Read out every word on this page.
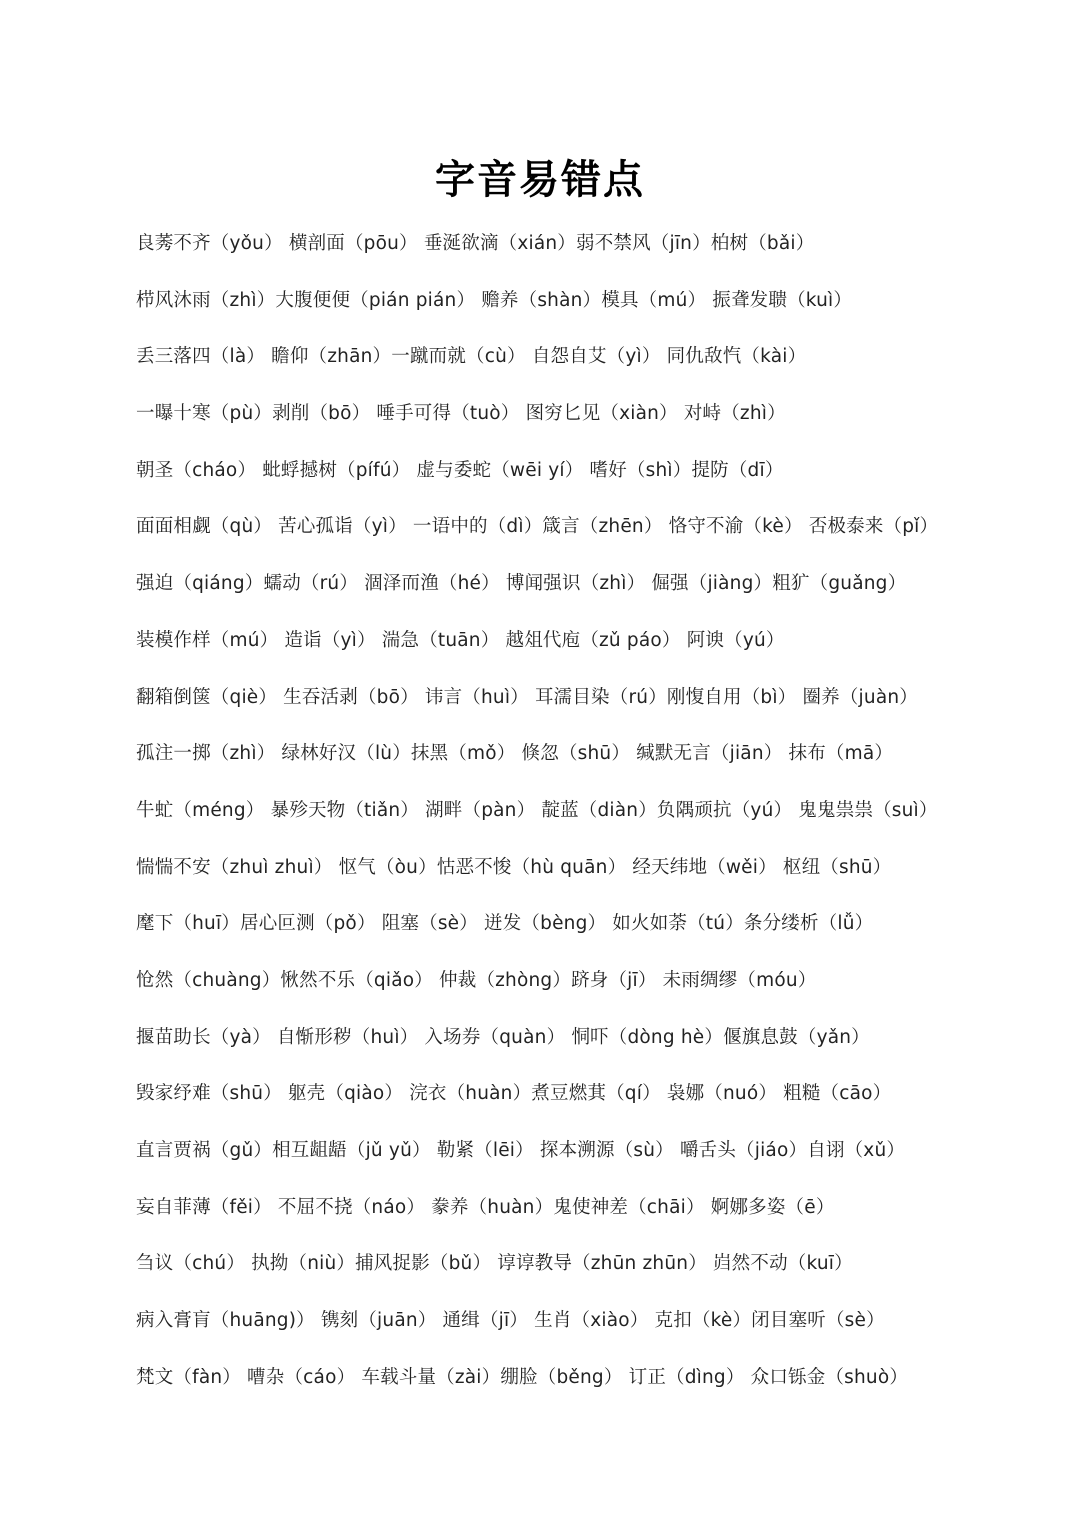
字音易错点
良莠不齐（yǒu） 横剖面（pōu） 垂涎欲滴（xián）弱不禁风（jīn）柏树（bǎi）
栉风沐雨（zhì）大腹便便（pián pián） 赡养（shàn）模具（mú） 振聋发聩（kuì）
丢三落四（là） 瞻仰（zhān）一蹴而就（cù） 自怨自艾（yì） 同仇敌忾（kài）
一曝十寒（pù）剥削（bō） 唾手可得（tuò） 图穷匕见（xiàn） 对峙（zhì）
朝圣（cháo） 蚍蜉撼树（pífú） 虚与委蛇（wēi yí） 嗜好（shì）提防（dī）
面面相觑（qù） 苦心孤诣（yì） 一语中的（dì）箴言（zhēn） 恪守不渝（kè） 否极泰来（pǐ）
强迫（qiáng）蠕动（rú） 涸泽而渔（hé） 博闻强识（zhì） 倔强（jiàng）粗犷（guǎng）
装模作样（mú） 造诣（yì） 湍急（tuān） 越俎代庖（zǔ páo） 阿谀（yú）
翻箱倒箧（qiè） 生吞活剥（bō） 讳言（huì） 耳濡目染（rú）刚愎自用（bì） 圈养（juàn）
孤注一掷（zhì） 绿林好汉（lù）抹黑（mǒ） 倏忽（shū） 缄默无言（jiān） 抹布（mā）
牛虻（méng） 暴殄天物（tiǎn） 湖畔（pàn） 靛蓝（diàn）负隅顽抗（yú） 鬼鬼祟祟（suì）
惴惴不安（zhuì zhuì） 怄气（òu）怙恶不悛（hù quān） 经天纬地（wěi） 枢纽（shū）
麾下（huī）居心叵测（pǒ） 阻塞（sè） 迸发（bèng） 如火如荼（tú）条分缕析（lǚ）
怆然（chuàng）愀然不乐（qiǎo） 仲裁（zhòng）跻身（jī） 未雨绸缪（móu）
揠苗助长（yà） 自惭形秽（huì） 入场券（quàn） 恫吓（dòng hè）偃旗息鼓（yǎn）
毁家纾难（shū） 躯壳（qiào） 浣衣（huàn）煮豆燃萁（qí） 袅娜（nuó） 粗糙（cāo）
直言贾祸（gǔ）相互龃龉（jǔ yǔ） 勒紧（lēi） 探本溯源（sù） 嚼舌头（jiáo）自诩（xǔ）
妄自菲薄（fěi） 不屈不挠（náo） 豢养（huàn）鬼使神差（chāi） 婀娜多姿（ē）
刍议（chú） 执拗（niù）捕风捉影（bǔ） 谆谆教导（zhūn zhūn） 岿然不动（kuī）
病入膏肓（huāng)） 镌刻（juān） 通缉（jī） 生肖（xiào） 克扣（kè）闭目塞听（sè）
梵文（fàn） 嘈杂（cáo） 车载斗量（zài）绷脸（běng） 订正（dìng） 众口铄金（shuò）
